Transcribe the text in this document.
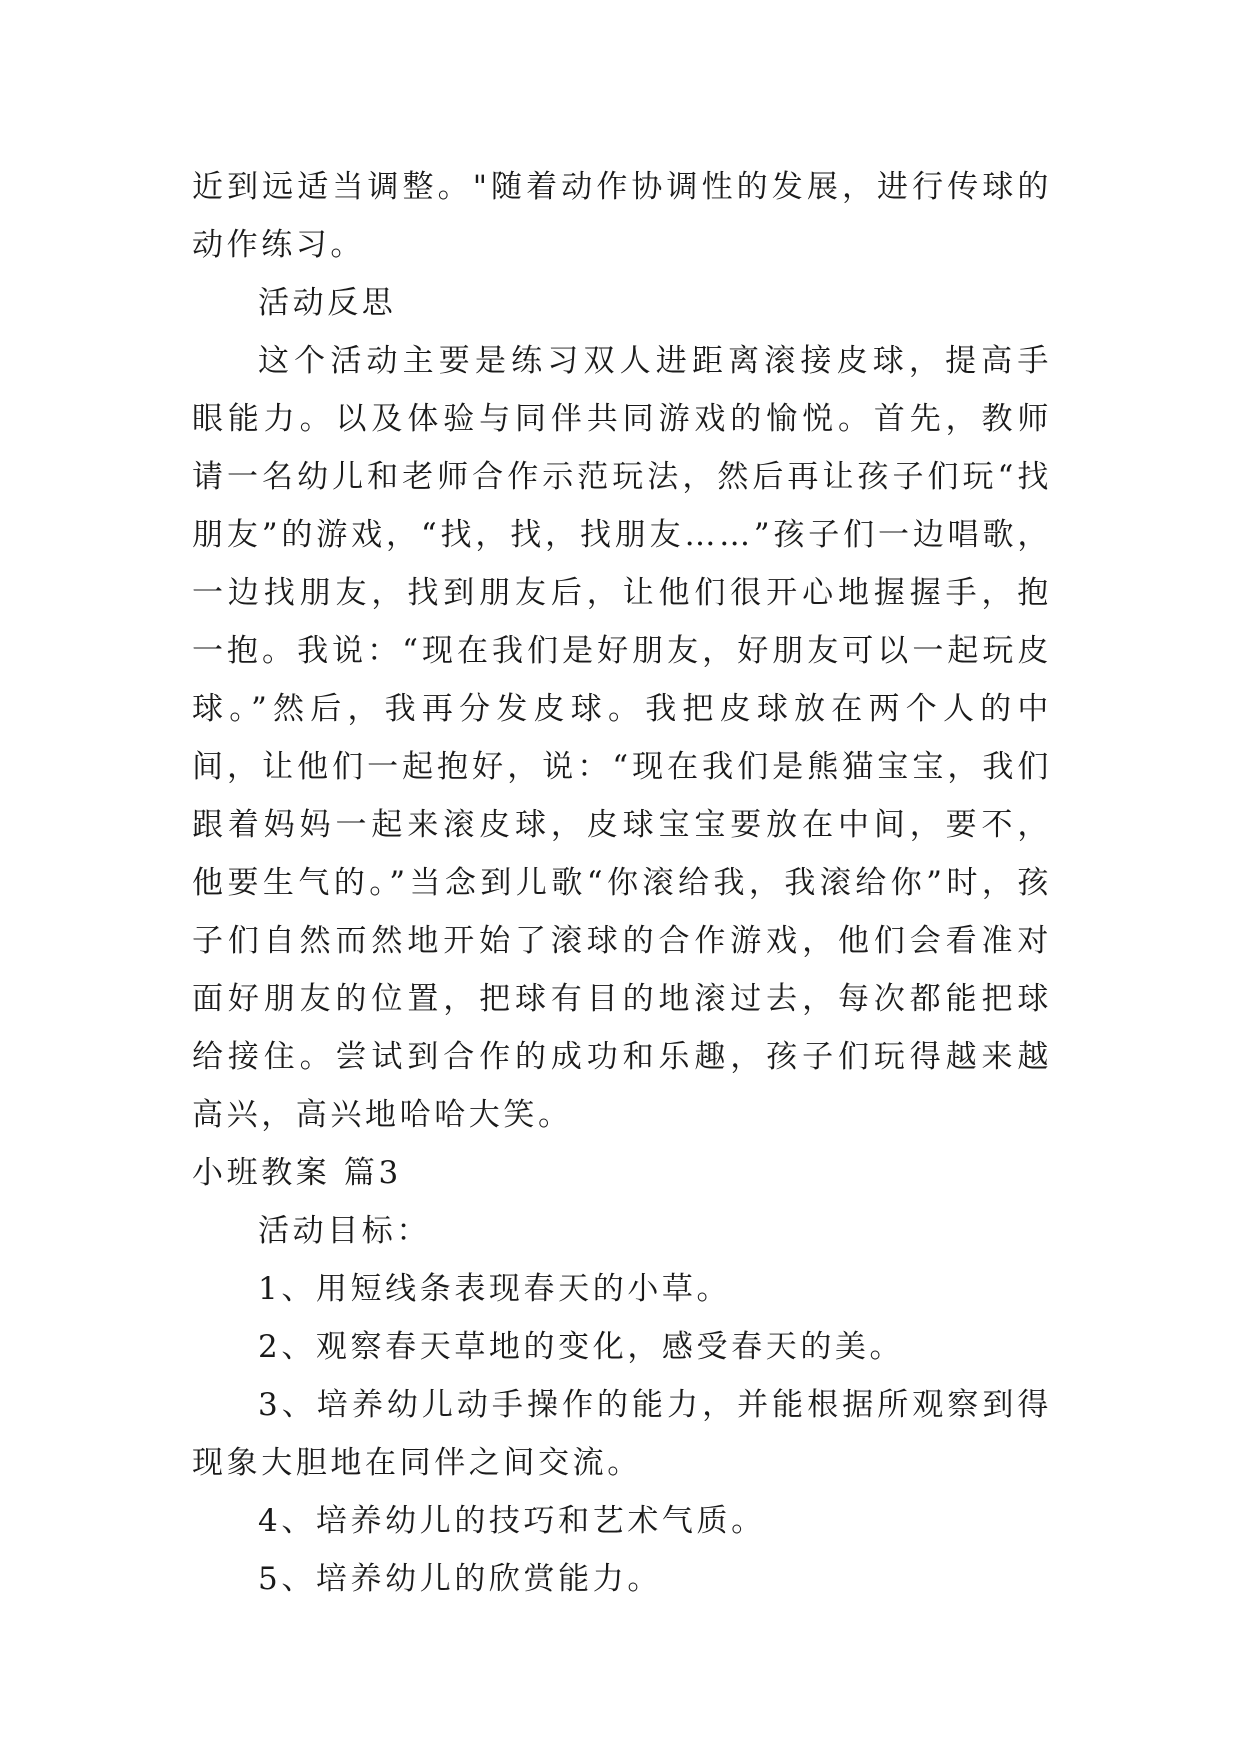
近到远适当调整。"随着动作协调性的发展，进行传球的动作练习。

活动反思

这个活动主要是练习双人进距离滚接皮球，提高手眼能力。以及体验与同伴共同游戏的愉悦。首先，教师请一名幼儿和老师合作示范玩法，然后再让孩子们玩“找朋友”的游戏，“找，找，找朋友……”孩子们一边唱歌，一边找朋友，找到朋友后，让他们很开心地握握手，抱一抱。我说：“现在我们是好朋友，好朋友可以一起玩皮球。”然后，我再分发皮球。我把皮球放在两个人的中间，让他们一起抱好，说：“现在我们是熊猫宝宝，我们跟着妈妈一起来滚皮球，皮球宝宝要放在中间，要不，他要生气的。”当念到儿歌“你滚给我，我滚给你”时，孩子们自然而然地开始了滚球的合作游戏，他们会看准对面好朋友的位置，把球有目的地滚过去，每次都能把球给接住。尝试到合作的成功和乐趣，孩子们玩得越来越高兴，高兴地哈哈大笑。

小班教案 篇3

活动目标：

1、用短线条表现春天的小草。

2、观察春天草地的变化，感受春天的美。

3、培养幼儿动手操作的能力，并能根据所观察到得现象大胆地在同伴之间交流。

4、培养幼儿的技巧和艺术气质。

5、培养幼儿的欣赏能力。
